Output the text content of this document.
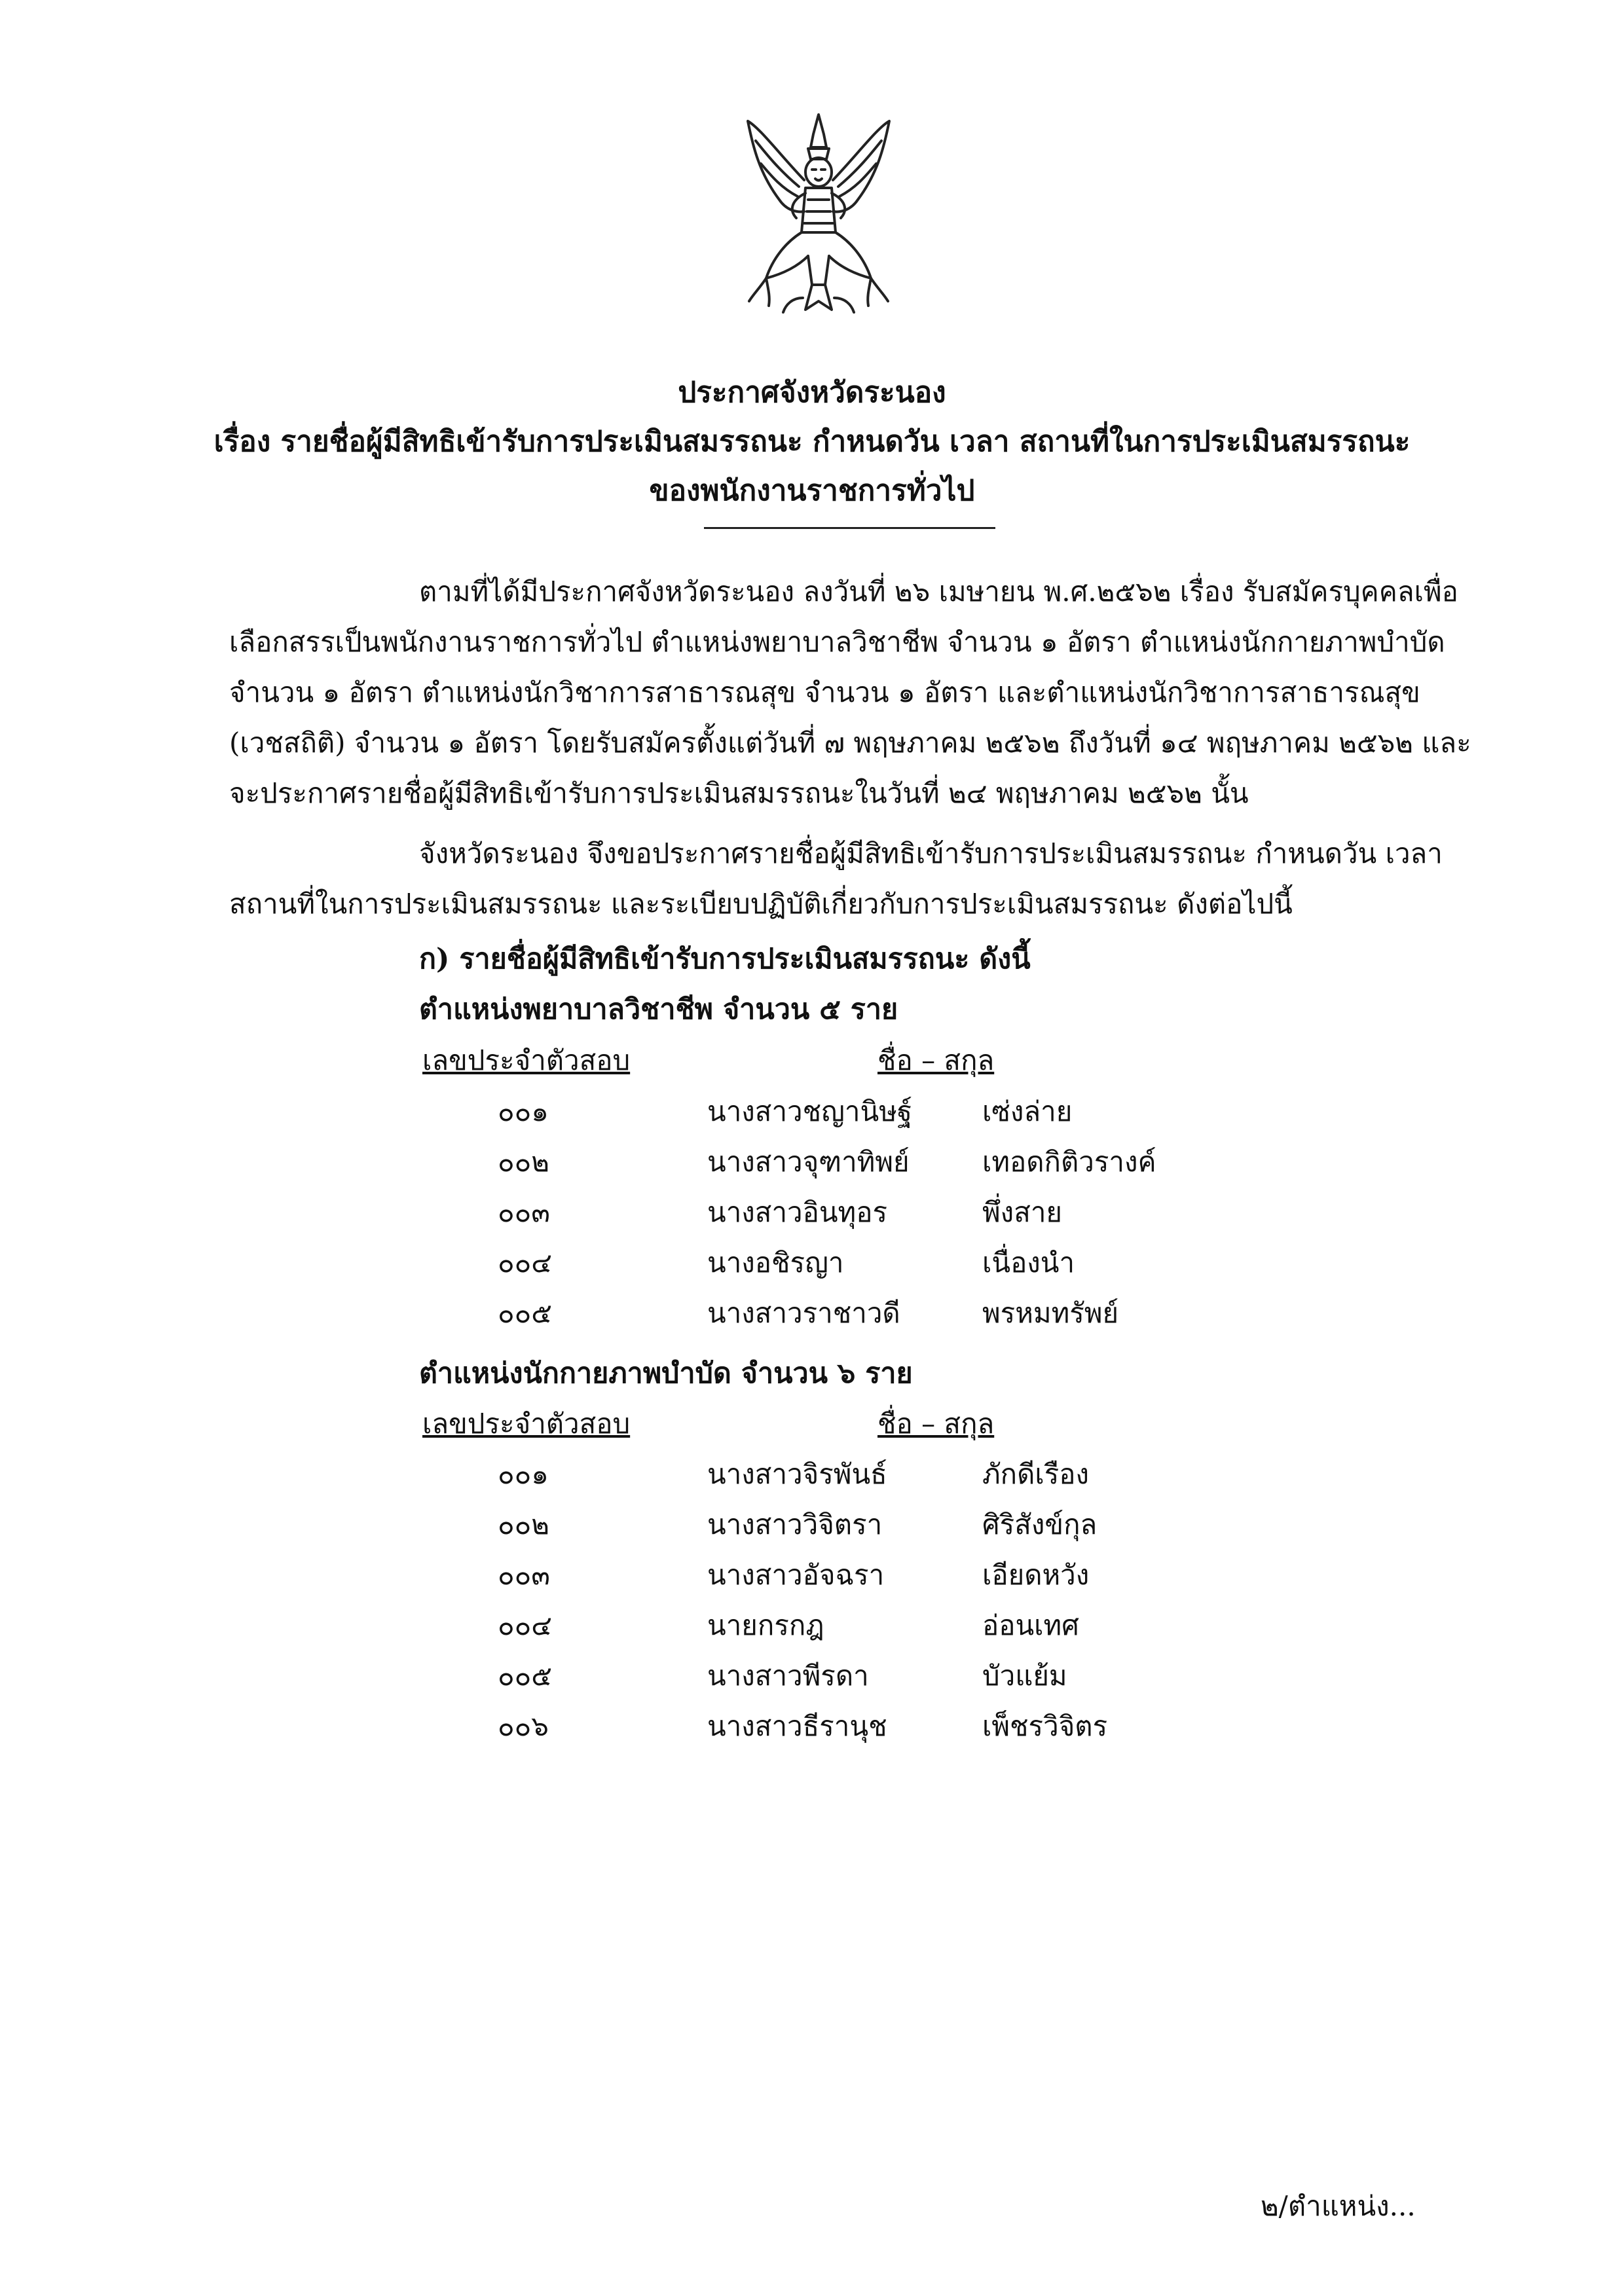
ประกาศจังหวัดระนอง
เรื่อง รายชื่อผู้มีสิทธิเข้ารับการประเมินสมรรถนะ กำหนดวัน เวลา สถานที่ในการประเมินสมรรถนะ
ของพนักงานราชการทั่วไป
ตามที่ได้มีประกาศจังหวัดระนอง ลงวันที่ ๒๖ เมษายน พ.ศ.๒๕๖๒ เรื่อง รับสมัครบุคคลเพื่อ
เลือกสรรเป็นพนักงานราชการทั่วไป ตำแหน่งพยาบาลวิชาชีพ จำนวน ๑ อัตรา ตำแหน่งนักกายภาพบำบัด
จำนวน ๑ อัตรา ตำแหน่งนักวิชาการสาธารณสุข จำนวน ๑ อัตรา และตำแหน่งนักวิชาการสาธารณสุข
(เวชสถิติ) จำนวน ๑ อัตรา โดยรับสมัครตั้งแต่วันที่ ๗ พฤษภาคม ๒๕๖๒ ถึงวันที่ ๑๔ พฤษภาคม ๒๕๖๒ และ
จะประกาศรายชื่อผู้มีสิทธิเข้ารับการประเมินสมรรถนะในวันที่ ๒๔ พฤษภาคม ๒๕๖๒ นั้น
จังหวัดระนอง จึงขอประกาศรายชื่อผู้มีสิทธิเข้ารับการประเมินสมรรถนะ กำหนดวัน เวลา
สถานที่ในการประเมินสมรรถนะ และระเบียบปฏิบัติเกี่ยวกับการประเมินสมรรถนะ ดังต่อไปนี้
ก) รายชื่อผู้มีสิทธิเข้ารับการประเมินสมรรถนะ ดังนี้
ตำแหน่งพยาบาลวิชาชีพ จำนวน ๕ ราย
เลขประจำตัวสอบ	ชื่อ – สกุล
๐๐๑	นางสาวชญานิษฐ์	เซ่งล่าย
๐๐๒	นางสาวจุฑาทิพย์	เทอดกิติวรางค์
๐๐๓	นางสาวอินทุอร	พึ่งสาย
๐๐๔	นางอชิรญา	เนื่องนำ
๐๐๕	นางสาวราชาวดี	พรหมทรัพย์
ตำแหน่งนักกายภาพบำบัด จำนวน ๖ ราย
เลขประจำตัวสอบ	ชื่อ – สกุล
๐๐๑	นางสาวจิรพันธ์	ภักดีเรือง
๐๐๒	นางสาววิจิตรา	ศิริสังข์กุล
๐๐๓	นางสาวอัจฉรา	เอียดหวัง
๐๐๔	นายกรกฎ	อ่อนเทศ
๐๐๕	นางสาวพีรดา	บัวแย้ม
๐๐๖	นางสาวธีรานุช	เพ็ชรวิจิตร
๒/ตำแหน่ง...
